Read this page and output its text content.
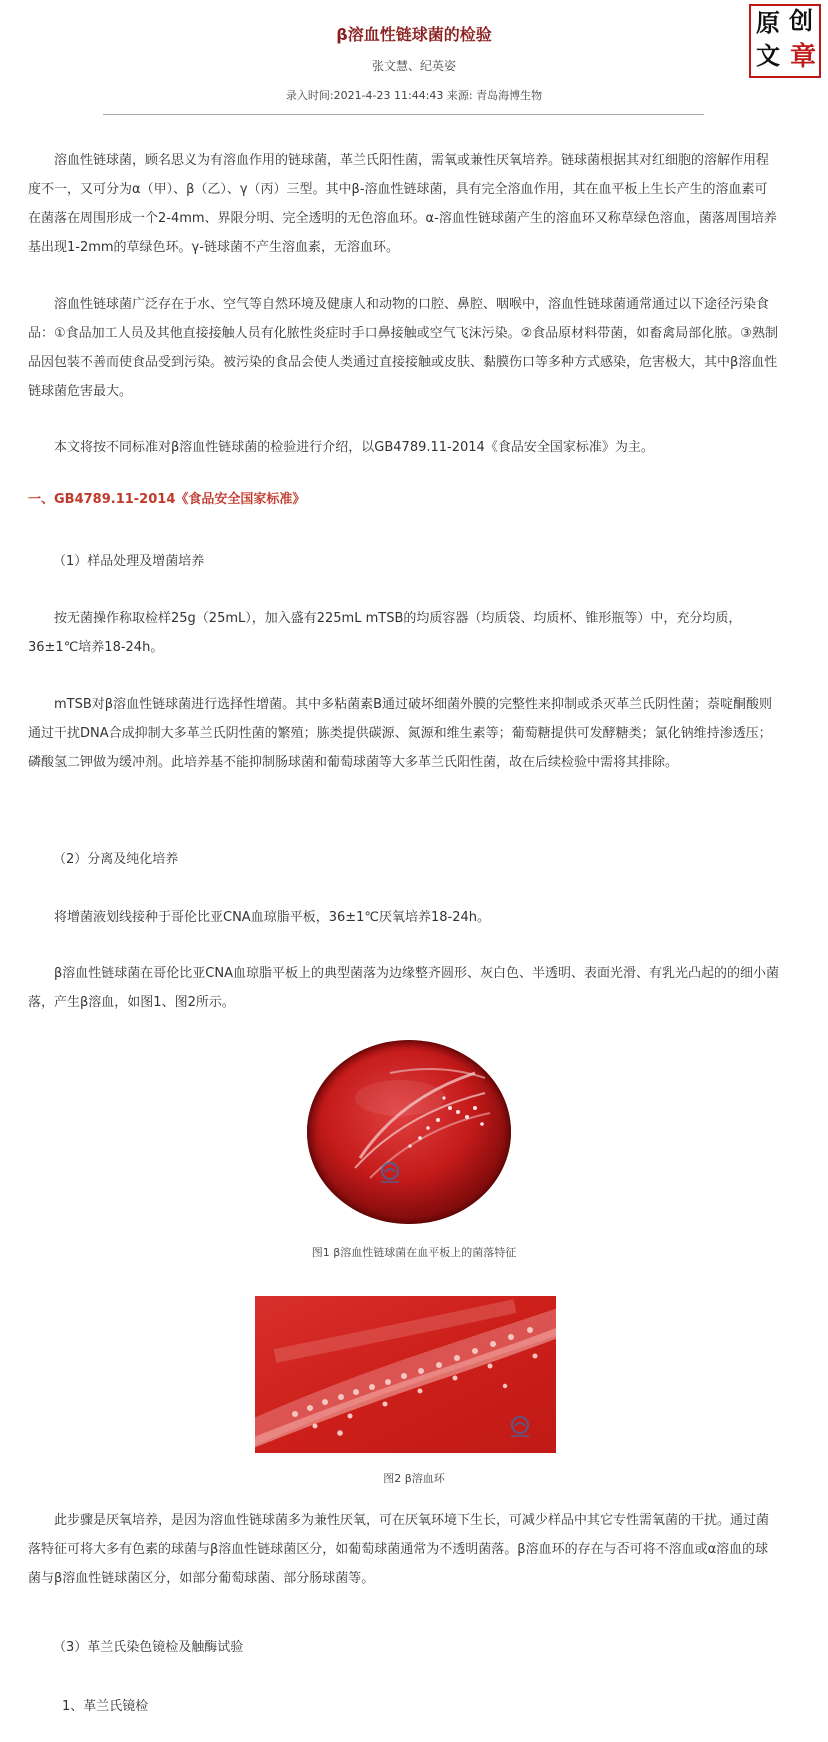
β溶血性链球菌的检验
张文慧、纪英姿
录入时间:2021-4-23 11:44:43 来源: 青岛海博生物
原 创
文 章

　　溶血性链球菌，顾名思义为有溶血作用的链球菌，革兰氏阳性菌，需氧或兼性厌氧培养。链球菌根据其对红细胞的溶解作用程度不一，又可分为α（甲）、β（乙）、γ（丙）三型。其中β-溶血性链球菌，具有完全溶血作用，其在血平板上生长产生的溶血素可在菌落在周围形成一个2-4mm、界限分明、完全透明的无色溶血环。α-溶血性链球菌产生的溶血环又称草绿色溶血，菌落周围培养基出现1-2mm的草绿色环。γ-链球菌不产生溶血素，无溶血环。

　　溶血性链球菌广泛存在于水、空气等自然环境及健康人和动物的口腔、鼻腔、咽喉中，溶血性链球菌通常通过以下途径污染食品：①食品加工人员及其他直接接触人员有化脓性炎症时手口鼻接触或空气飞沫污染。②食品原材料带菌，如畜禽局部化脓。③熟制品因包装不善而使食品受到污染。被污染的食品会使人类通过直接接触或皮肤、黏膜伤口等多种方式感染，危害极大，其中β溶血性链球菌危害最大。

　　本文将按不同标准对β溶血性链球菌的检验进行介绍，以GB4789.11-2014《食品安全国家标准》为主。

一、GB4789.11-2014《食品安全国家标准》

（1）样品处理及增菌培养

　　按无菌操作称取检样25g（25mL），加入盛有225mL mTSB的均质容器（均质袋、均质杯、锥形瓶等）中，充分均质，36±1℃培养18-24h。

　　mTSB对β溶血性链球菌进行选择性增菌。其中多粘菌素B通过破坏细菌外膜的完整性来抑制或杀灭革兰氏阴性菌；萘啶酮酸则通过干扰DNA合成抑制大多革兰氏阴性菌的繁殖；胨类提供碳源、氮源和维生素等；葡萄糖提供可发酵糖类；氯化钠维持渗透压；磷酸氢二钾做为缓冲剂。此培养基不能抑制肠球菌和葡萄球菌等大多革兰氏阳性菌，故在后续检验中需将其排除。

（2）分离及纯化培养

　　将增菌液划线接种于哥伦比亚CNA血琼脂平板，36±1℃厌氧培养18-24h。

　　β溶血性链球菌在哥伦比亚CNA血琼脂平板上的典型菌落为边缘整齐圆形、灰白色、半透明、表面光滑、有乳光凸起的的细小菌落，产生β溶血，如图1、图2所示。

图1 β溶血性链球菌在血平板上的菌落特征
图2 β溶血环

　　此步骤是厌氧培养，是因为溶血性链球菌多为兼性厌氧，可在厌氧环境下生长，可减少样品中其它专性需氧菌的干扰。通过菌落特征可将大多有色素的球菌与β溶血性链球菌区分，如葡萄球菌通常为不透明菌落。β溶血环的存在与否可将不溶血或α溶血的球菌与β溶血性链球菌区分，如部分葡萄球菌、部分肠球菌等。

（3）革兰氏染色镜检及触酶试验

1、革兰氏镜检
